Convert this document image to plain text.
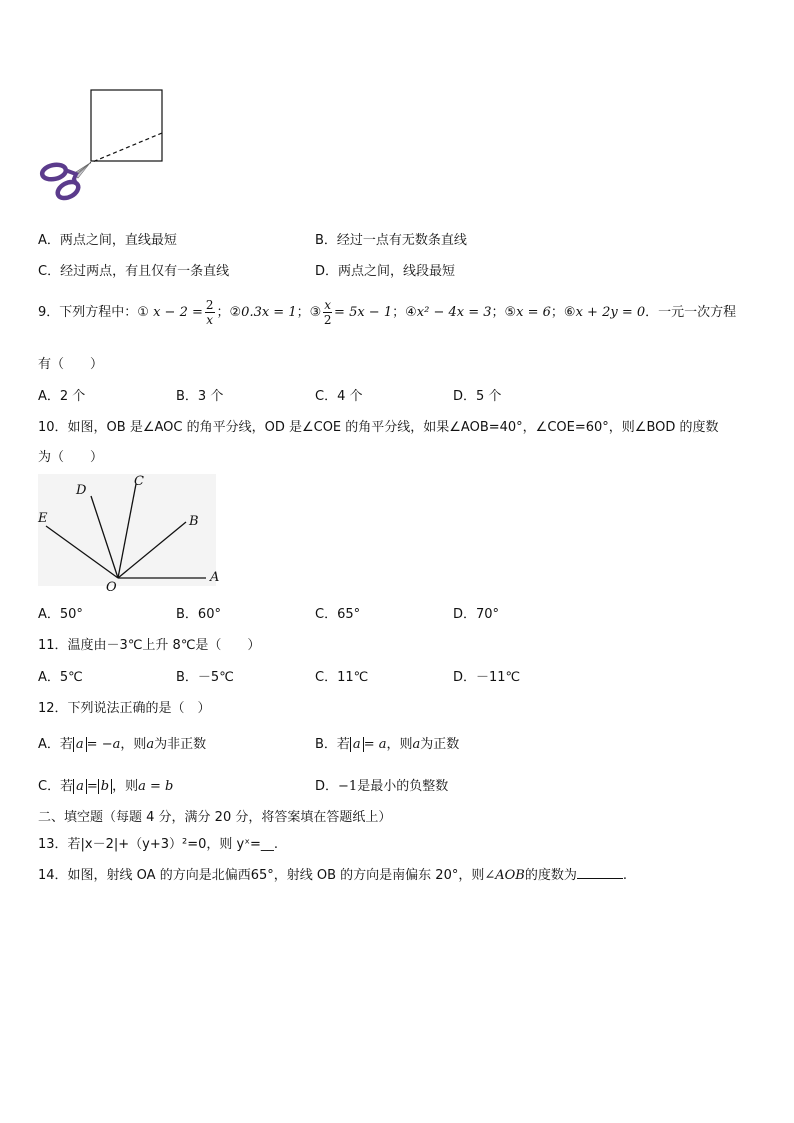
A．两点之间，直线最短	B．经过一点有无数条直线
C．经过两点，有且仅有一条直线	D．两点之间，线段最短
9．下列方程中：① $x - 2 = \frac{2}{x}$ ；②0.3x = 1；③ $\frac{x}{2} = 5x - 1$；④x² − 4x = 3；⑤x = 6；⑥x + 2y = 0．一元一次方程
有（　　）
A．2 个	B．3 个	C．4 个	D．5 个
10．如图，OB 是∠AOC 的角平分线，OD 是∠COE 的角平分线，如果∠AOB=40°，∠COE=60°，则∠BOD 的度数
为（　　）
D
C
E	B
O
A
A．50°	B．60°	C．65°	D．70°
11．温度由－3℃上升 8℃是（　　）
A．5℃	B．－5℃	C．11℃	D．－11℃
12．下列说法正确的是（　）
A．若 a = −a，则a为非正数	B．若 a = a，则a为正数
C．若 a = b ，则a = b	D．−1是最小的负整数
二、填空题（每题 4 分，满分 20 分，将答案填在答题纸上）
13．若|x－2|+（y+3）²=0，则 yˣ=__.
14．如图，射线 OA 的方向是北偏西65°，射线 OB 的方向是南偏东 20°，则∠AOB的度数为	.
